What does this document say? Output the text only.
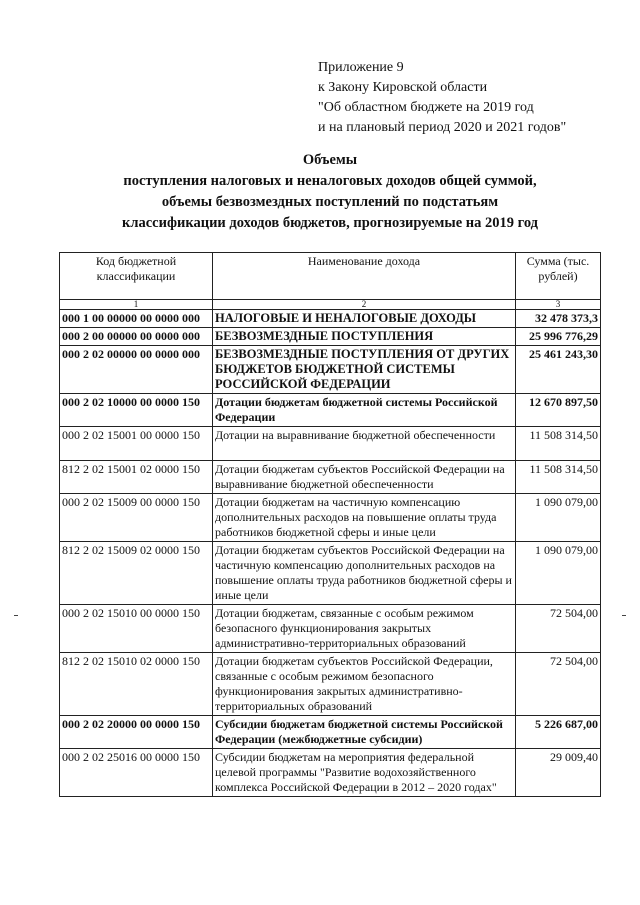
Приложение 9
к Закону Кировской области
"Об областном бюджете на 2019 год
и на плановый период 2020 и 2021 годов"
Объемы
поступления налоговых и неналоговых доходов общей суммой,
объемы безвозмездных поступлений по подстатьям
классификации доходов бюджетов, прогнозируемые на 2019 год
Код бюджетной классификации	Наименование дохода	Сумма (тыс. рублей)
1	2	3
000 1 00 00000 00 0000 000	НАЛОГОВЫЕ И НЕНАЛОГОВЫЕ ДОХОДЫ	32 478 373,3
000 2 00 00000 00 0000 000	БЕЗВОЗМЕЗДНЫЕ ПОСТУПЛЕНИЯ	25 996 776,29
000 2 02 00000 00 0000 000	БЕЗВОЗМЕЗДНЫЕ ПОСТУПЛЕНИЯ ОТ ДРУГИХ БЮДЖЕТОВ БЮДЖЕТНОЙ СИСТЕМЫ РОССИЙСКОЙ ФЕДЕРАЦИИ	25 461 243,30
000 2 02 10000 00 0000 150	Дотации бюджетам бюджетной системы Российской Федерации	12 670 897,50
000 2 02 15001 00 0000 150	Дотации на выравнивание бюджетной обеспеченности	11 508 314,50
812 2 02 15001 02 0000 150	Дотации бюджетам субъектов Российской Федерации на выравнивание бюджетной обеспеченности	11 508 314,50
000 2 02 15009 00 0000 150	Дотации бюджетам на частичную компенсацию дополнительных расходов на повышение оплаты труда работников бюджетной сферы и иные цели	1 090 079,00
812 2 02 15009 02 0000 150	Дотации бюджетам субъектов Российской Федерации на частичную компенсацию дополнительных расходов на повышение оплаты труда работников бюджетной сферы и иные цели	1 090 079,00
000 2 02 15010 00 0000 150	Дотации бюджетам, связанные с особым режимом безопасного функционирования закрытых административно-территориальных образований	72 504,00
812 2 02 15010 02 0000 150	Дотации бюджетам субъектов Российской Федерации, связанные с особым режимом безопасного функционирования закрытых административно-территориальных образований	72 504,00
000 2 02 20000 00 0000 150	Субсидии бюджетам бюджетной системы Российской Федерации (межбюджетные субсидии)	5 226 687,00
000 2 02 25016 00 0000 150	Субсидии бюджетам на мероприятия федеральной целевой программы "Развитие водохозяйственного комплекса Российской Федерации в 2012 – 2020 годах"	29 009,40
